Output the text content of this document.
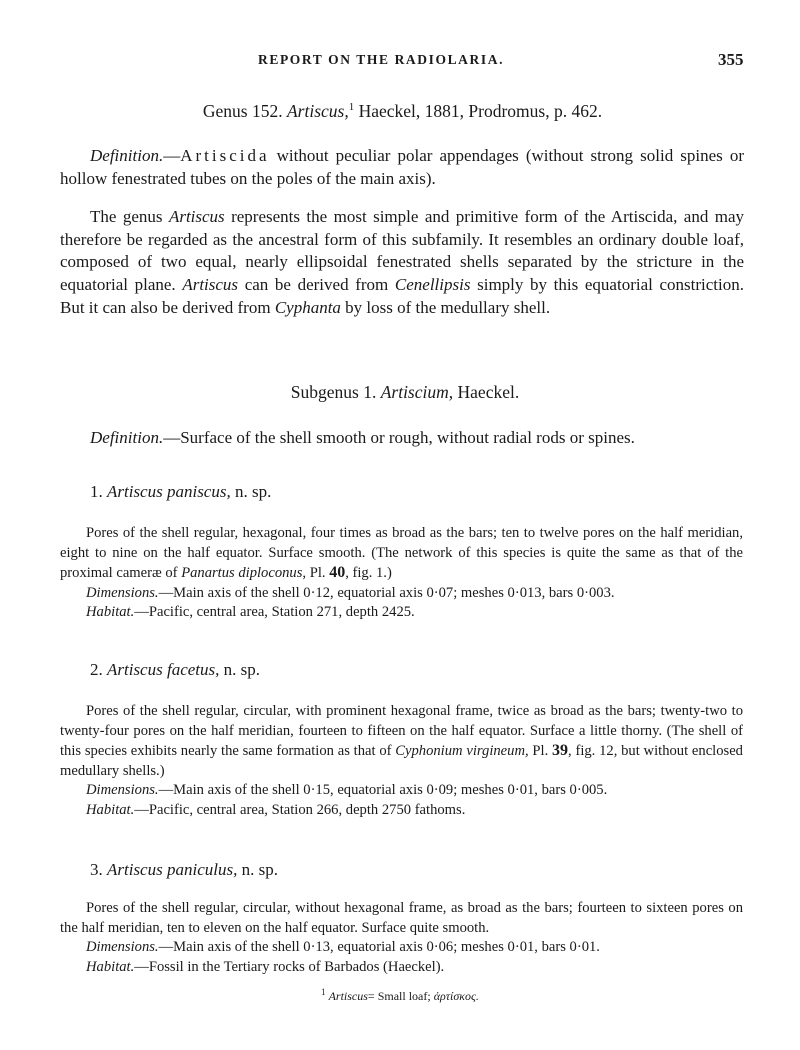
REPORT ON THE RADIOLARIA.	355
Genus 152. Artiscus,$^1$ Haeckel, 1881, Prodromus, p. 462.

Definition.—Artiscida without peculiar polar appendages (without strong solid spines or hollow fenestrated tubes on the poles of the main axis).

The genus Artiscus represents the most simple and primitive form of the Artiscida, and may therefore be regarded as the ancestral form of this subfamily. It resembles an ordinary double loaf, composed of two equal, nearly ellipsoidal fenestrated shells separated by the stricture in the equatorial plane. Artiscus can be derived from Cenellipsis simply by this equatorial constriction. But it can also be derived from Cyphanta by loss of the medullary shell.

Subgenus 1. Artiscium, Haeckel.

Definition.—Surface of the shell smooth or rough, without radial rods or spines.

1. Artiscus paniscus, n. sp.
Pores of the shell regular, hexagonal, four times as broad as the bars; ten to twelve pores on the half meridian, eight to nine on the half equator. Surface smooth. (The network of this species is quite the same as that of the proximal cameræ of Panartus diploconus, Pl. 40, fig. 1.)
Dimensions.—Main axis of the shell 0·12, equatorial axis 0·07; meshes 0·013, bars 0·003.
Habitat.—Pacific, central area, Station 271, depth 2425.
2. Artiscus facetus, n. sp.
Pores of the shell regular, circular, with prominent hexagonal frame, twice as broad as the bars; twenty-two to twenty-four pores on the half meridian, fourteen to fifteen on the half equator. Surface a little thorny. (The shell of this species exhibits nearly the same formation as that of Cyphonium virgineum, Pl. 39, fig. 12, but without enclosed medullary shells.)
Dimensions.—Main axis of the shell 0·15, equatorial axis 0·09; meshes 0·01, bars 0·005.
Habitat.—Pacific, central area, Station 266, depth 2750 fathoms.
3. Artiscus paniculus, n. sp.
Pores of the shell regular, circular, without hexagonal frame, as broad as the bars; fourteen to sixteen pores on the half meridian, ten to eleven on the half equator. Surface quite smooth.
Dimensions.—Main axis of the shell 0·13, equatorial axis 0·06; meshes 0·01, bars 0·01.
Habitat.—Fossil in the Tertiary rocks of Barbados (Haeckel).
$^1$ Artiscus= Small loaf; ἀρτίσκος.
